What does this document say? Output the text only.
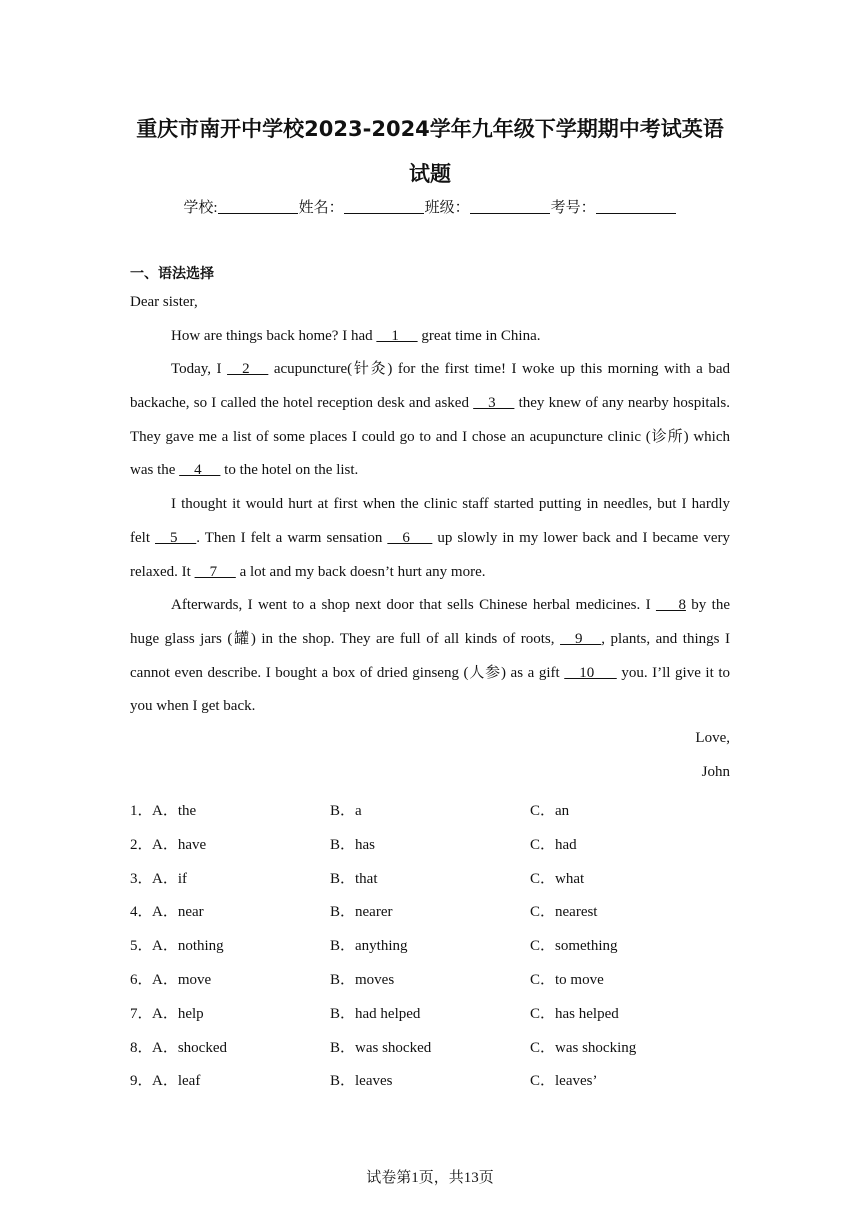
重庆市南开中学校2023-2024学年九年级下学期期中考试英语
试题
学校:	姓名：	班级：	考号：
一、语法选择
Dear sister,

How are things back home? I had     1      great time in China.

Today, I     2      acupuncture(针灸) for the first time! I woke up this morning with a bad backache, so I called the hotel reception desk and asked     3      they knew of any nearby hospitals. They gave me a list of some places I could go to and I chose an acupuncture clinic (诊所) which was the     4      to the hotel on the list.

I thought it would hurt at first when the clinic staff started putting in needles, but I hardly felt     5     . Then I felt a warm sensation     6       up slowly in my lower back and I became very relaxed. It     7      a lot and my back doesn’t hurt any more.

Afterwards, I went to a shop next door that sells Chinese herbal medicines. I       8 by the huge glass jars (罐) in the shop. They are full of all kinds of roots,     9     , plants, and things I cannot even describe. I bought a box of dried ginseng (人参) as a gift     10       you. I’ll give it to you when I get back.

Love,
John
1． A．the	B．a	C．an
2． A．have	B．has	C．had
3． A．if	B．that	C．what
4． A．near	B．nearer	C．nearest
5． A．nothing	B．anything	C．something
6． A．move	B．moves	C．to move
7． A．help	B．had helped	C．has helped
8． A．shocked	B．was shocked	C．was shocking
9． A．leaf	B．leaves	C．leaves’
试卷第1页，共13页
